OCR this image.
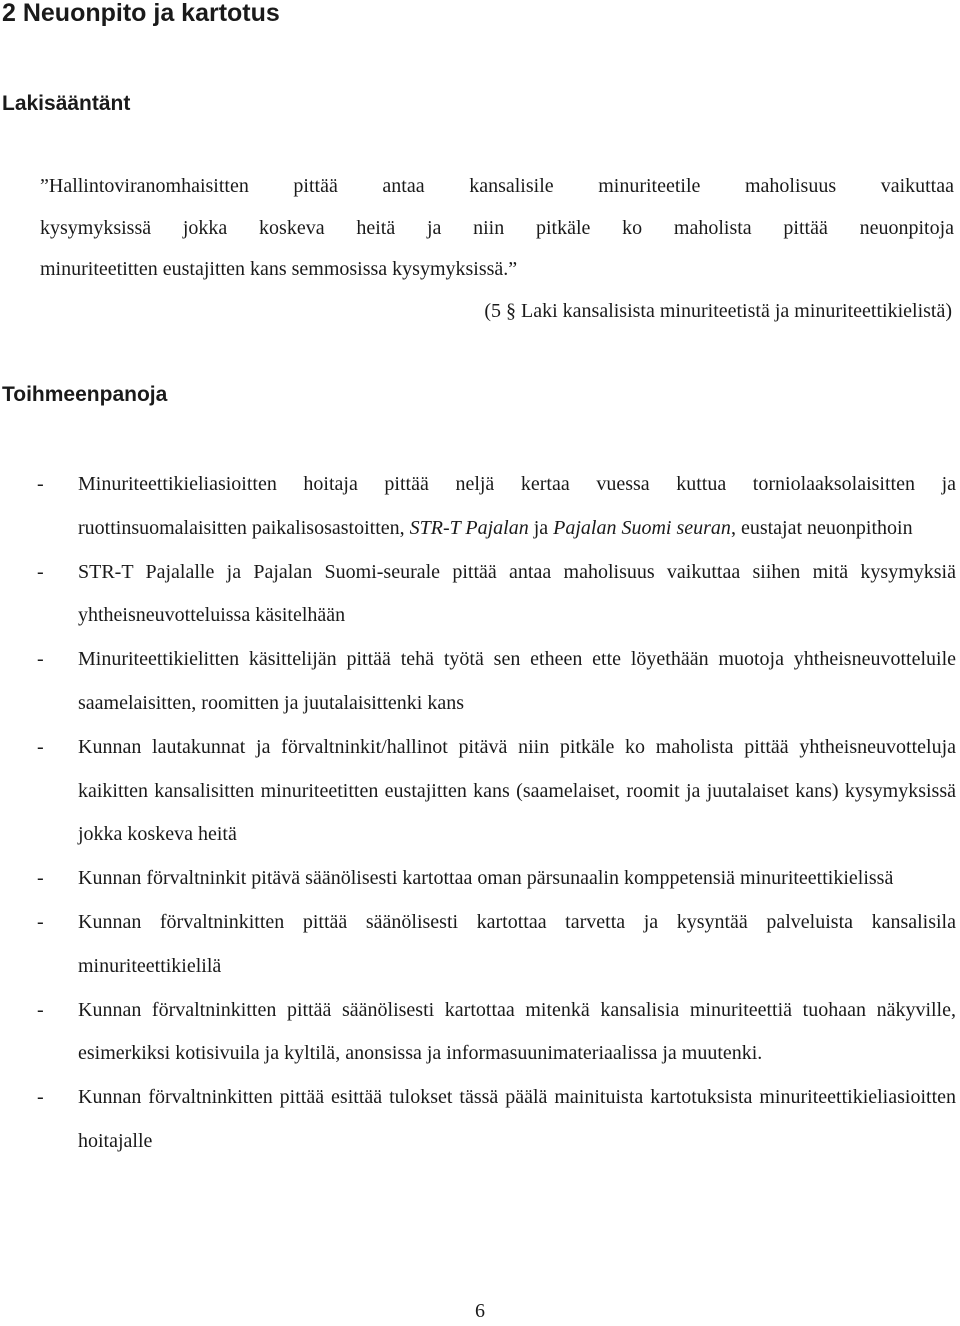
2 Neuonpito ja kartotus
Lakisääntänt
”Hallintoviranomhaisitten pittää antaa kansalisile minuriteetile maholisuus vaikuttaa
kysymyksissä jokka koskeva heitä ja niin pitkäle ko maholista pittää neuonpitoja
minuriteetitten eustajitten kans semmosissa kysymyksissä.”
(5 § Laki kansalisista minuriteetistä ja minuriteettikielistä)
Toihmeenpanoja
- Minuriteettikieliasioitten hoitaja pittää neljä kertaa vuessa kuttua torniolaaksolaisitten ja ruottinsuomalaisitten paikalisosastoitten, STR-T Pajalan ja Pajalan Suomi seuran, eustajat neuonpithoin
- STR-T Pajalalle ja Pajalan Suomi-seurale pittää antaa maholisuus vaikuttaa siihen mitä kysymyksiä yhtheisneuvotteluissa käsitelhään
- Minuriteettikielitten käsittelijän pittää tehä työtä sen etheen ette löyethään muotoja yhtheisneuvotteluile saamelaisitten, roomitten ja juutalaisittenki kans
- Kunnan lautakunnat ja förvaltninkit/hallinot pitävä niin pitkäle ko maholista pittää yhtheisneuvotteluja kaikitten kansalisitten minuriteetitten eustajitten kans (saamelaiset, roomit ja juutalaiset kans) kysymyksissä jokka koskeva heitä
- Kunnan förvaltninkit pitävä säänölisesti kartottaa oman pärsunaalin komppetensiä minuriteettikielissä
- Kunnan förvaltninkitten pittää säänölisesti kartottaa tarvetta ja kysyntää palveluista kansalisila minuriteettikielilä
- Kunnan förvaltninkitten pittää säänölisesti kartottaa mitenkä kansalisia minuriteettiä tuohaan näkyville, esimerkiksi kotisivuila ja kyltilä, anonsissa ja informasuunimateriaalissa ja muutenki.
- Kunnan förvaltninkitten pittää esittää tulokset tässä päälä mainituista kartotuksista minuriteettikieliasioitten hoitajalle
6
